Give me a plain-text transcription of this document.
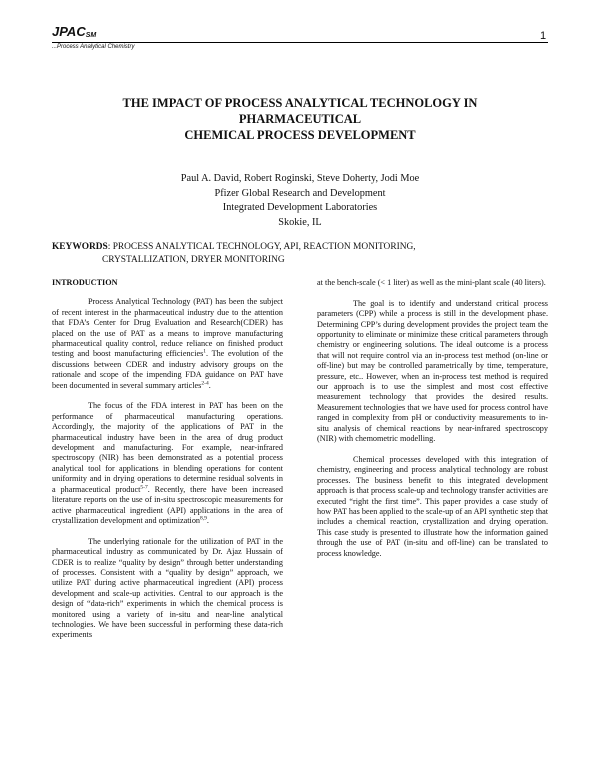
$JPAC_{SM}$
...Process Analytical Chemistry
1
THE IMPACT OF PROCESS ANALYTICAL TECHNOLOGY IN
PHARMACEUTICAL
CHEMICAL PROCESS DEVELOPMENT
Paul A. David, Robert Roginski, Steve Doherty, Jodi Moe
Pfizer Global Research and Development
Integrated Development Laboratories
Skokie, IL
KEYWORDS: PROCESS ANALYTICAL TECHNOLOGY, API, REACTION MONITORING,
CRYSTALLIZATION, DRYER MONITORING
INTRODUCTION

Process Analytical Technology (PAT) has been the subject of recent interest in the pharmaceutical industry due to the attention that FDA’s Center for Drug Evaluation and Research(CDER) has placed on the use of PAT as a means to improve manufacturing pharmaceutical quality control, reduce reliance on finished product testing and boost manufacturing efficiencies$^1$. The evolution of the discussions between CDER and industry advisory groups on the rationale and scope of the impending FDA guidance on PAT have been documented in several summary articles$^{2-4}$.

The focus of the FDA interest in PAT has been on the performance of pharmaceutical manufacturing operations. Accordingly, the majority of the applications of PAT in the pharmaceutical industry have been in the area of drug product development and manufacturing. For example, near-infrared spectroscopy (NIR) has been demonstrated as a potential process analytical tool for applications in blending operations for content uniformity and in drying operations to determine residual solvents in a pharmaceutical product$^{5-7}$. Recently, there have been increased literature reports on the use of in-situ spectroscopic measurements for active pharmaceutical ingredient (API) applications in the area of crystallization development and optimization$^{8,9}$.

The underlying rationale for the utilization of PAT in the pharmaceutical industry as communicated by Dr. Ajaz Hussain of CDER is to realize “quality by design” through better understanding of processes. Consistent with a “quality by design” approach, we utilize PAT during active pharmaceutical ingredient (API) process development and scale-up activities. Central to our approach is the design of “data-rich” experiments in which the chemical process is monitored using a variety of in-situ and near-line analytical technologies. We have been successful in performing these data-rich experiments

at the bench-scale (< 1 liter) as well as the mini-plant scale (40 liters).

The goal is to identify and understand critical process parameters (CPP) while a process is still in the development phase. Determining CPP’s during development provides the project team the opportunity to eliminate or minimize these critical parameters through chemistry or engineering solutions. The ideal outcome is a process that will not require control via an in-process test method (on-line or off-line) but may be controlled parametrically by time, temperature, pressure, etc.. However, when an in-process test method is required our approach is to use the simplest and most cost effective measurement technology that provides the desired results. Measurement technologies that we have used for process control have ranged in complexity from pH or conductivity measurements to in-situ analysis of chemical reactions by near-infrared spectroscopy (NIR) with chemometric modelling.

Chemical processes developed with this integration of chemistry, engineering and process analytical technology are robust processes. The business benefit to this integrated development approach is that process scale-up and technology transfer activities are executed “right the first time”. This paper provides a case study of how PAT has been applied to the scale-up of an API synthetic step that includes a chemical reaction, crystallization and drying operation. This case study is presented to illustrate how the information gained through the use of PAT (in-situ and off-line) can be translated to process knowledge.
